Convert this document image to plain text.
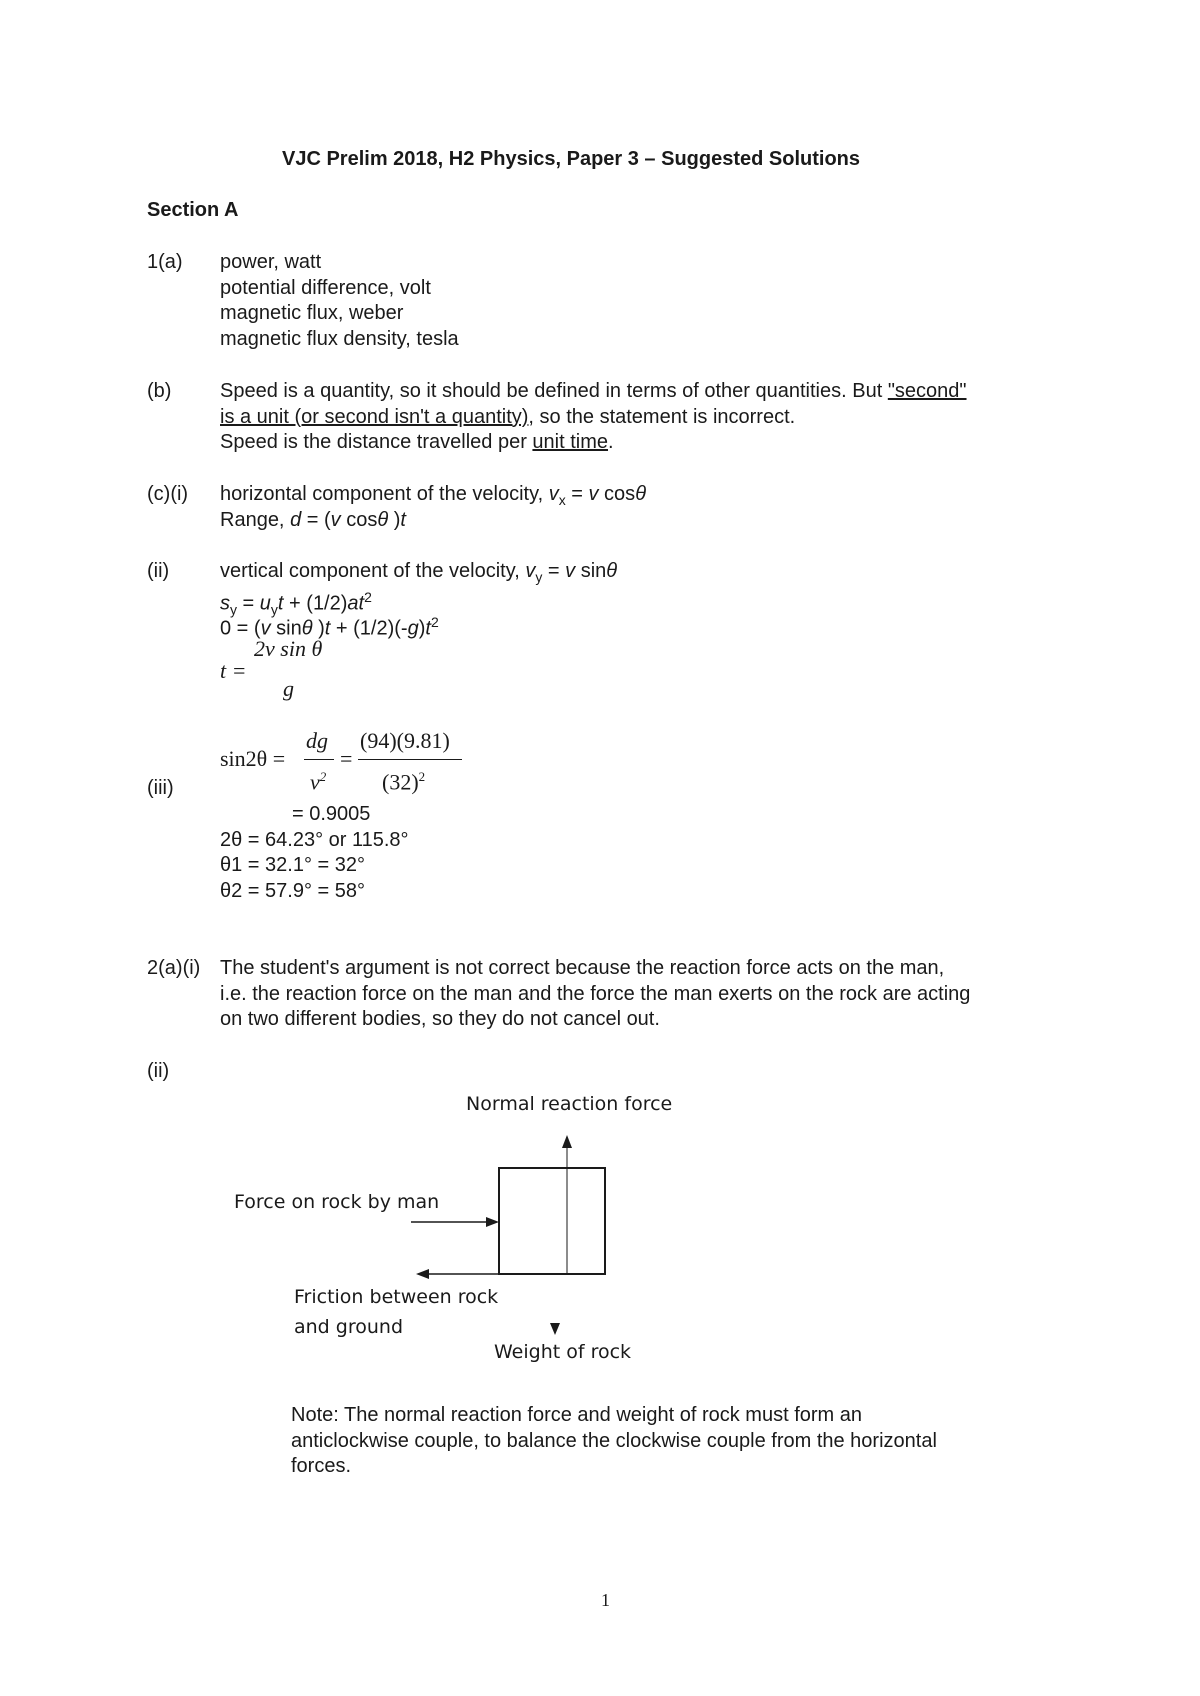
VJC Prelim 2018, H2 Physics, Paper 3 – Suggested Solutions
Section A
1(a) power, watt
potential difference, volt
magnetic flux, weber
magnetic flux density, tesla
(b) Speed is a quantity, so it should be defined in terms of other quantities. But "second"
is a unit (or second isn't a quantity), so the statement is incorrect.
Speed is the distance travelled per unit time.
(c)(i) horizontal component of the velocity, $v_x = v$ cosθ
Range, d = (v cosθ )t
(ii)	vertical component of the velocity, $v_y = v$ sinθ
$s_y = u_yt + (1/2)at^2$
0 = (v sinθ )$t + (1/2)(-g)t^2$
t =
2v sin θ
g
(iii)
sin2θ =
dg
$v^2$
=
(94)(9.81)
$(32)^2$
= 0.9005
2θ = 64.23° or 115.8°
θ1 = 32.1° = 32°
θ2 = 57.9° = 58°
2(a)(i) The student's argument is not correct because the reaction force acts on the man,
i.e. the reaction force on the man and the force the man exerts on the rock are acting
on two different bodies, so they do not cancel out.
(ii)
Normal reaction force
Force on rock by man
Friction between rock
and ground
Weight of rock
Note: The normal reaction force and weight of rock must form an
anticlockwise couple, to balance the clockwise couple from the horizontal
forces.
1
